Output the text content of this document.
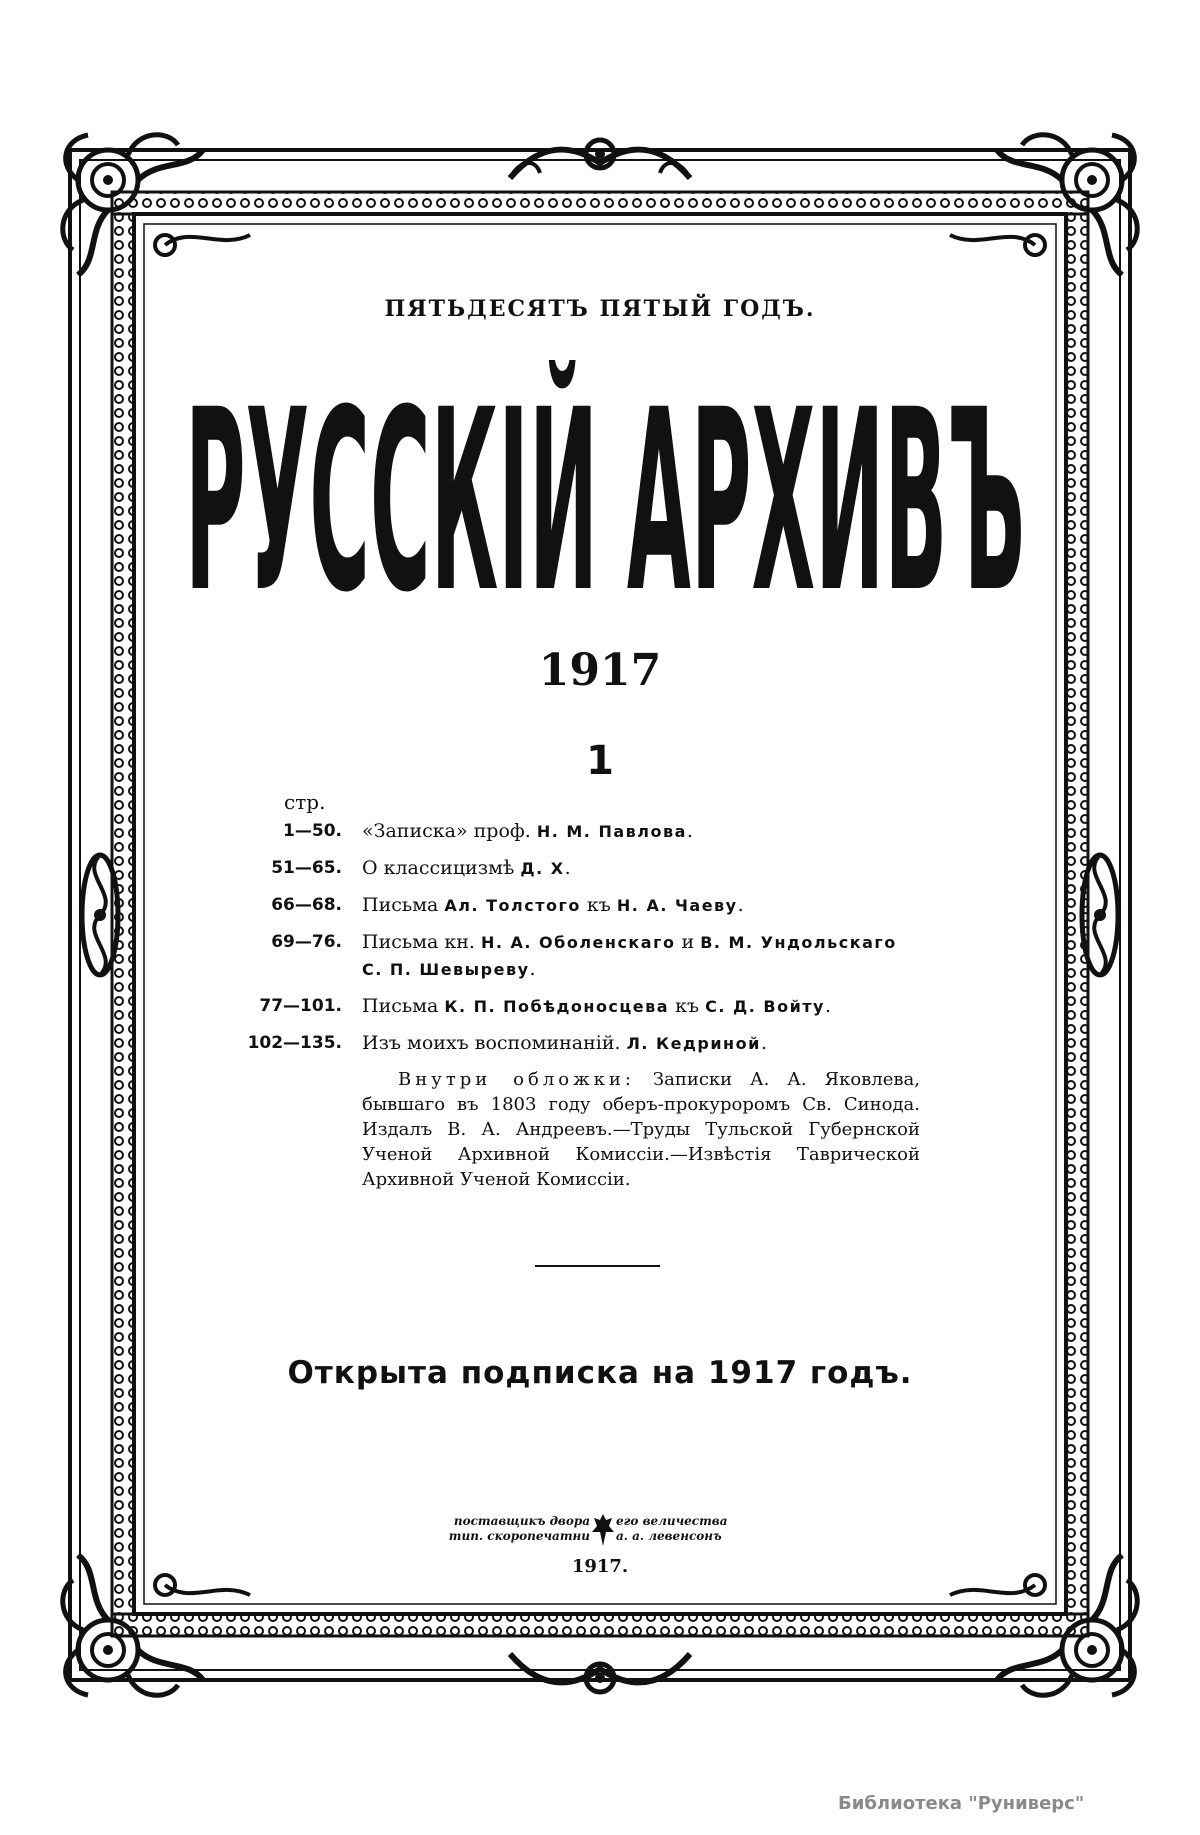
ПЯТЬДЕСЯТЪ ПЯТЫЙ ГОДЪ.
РУССКІЙ АРХИВЪ
1917
1
стр.
1—50.	«Записка» проф. Н. М. Павлова.
51—65.	О классицизмѣ Д. Х.
66—68.	Письма Ал. Толстого къ Н. А. Чаеву.
69—76.	Письма кн. Н. А. Оболенскаго и В. М. Ундольскаго С. П. Шевыреву.
77—101.	Письма К. П. Побѣдоносцева къ С. Д. Войту.
102—135.	Изъ моихъ воспоминаній. Л. Кедриной.
Внутри обложки: Записки А. А. Яковлева, бывшаго въ 1803 году оберъ-прокуроромъ Св. Синода. Издалъ В. А. Андреевъ.—Труды Тульской Губернской Ученой Архивной Комиссіи.—Извѣстія Таврической Архивной Ученой Комиссіи.
Открыта подписка на 1917 годъ.
поставщикъ двора
тип. скоропечатни
его величества
а. а. левенсонъ
1917.
Библиотека "Руниверс"
